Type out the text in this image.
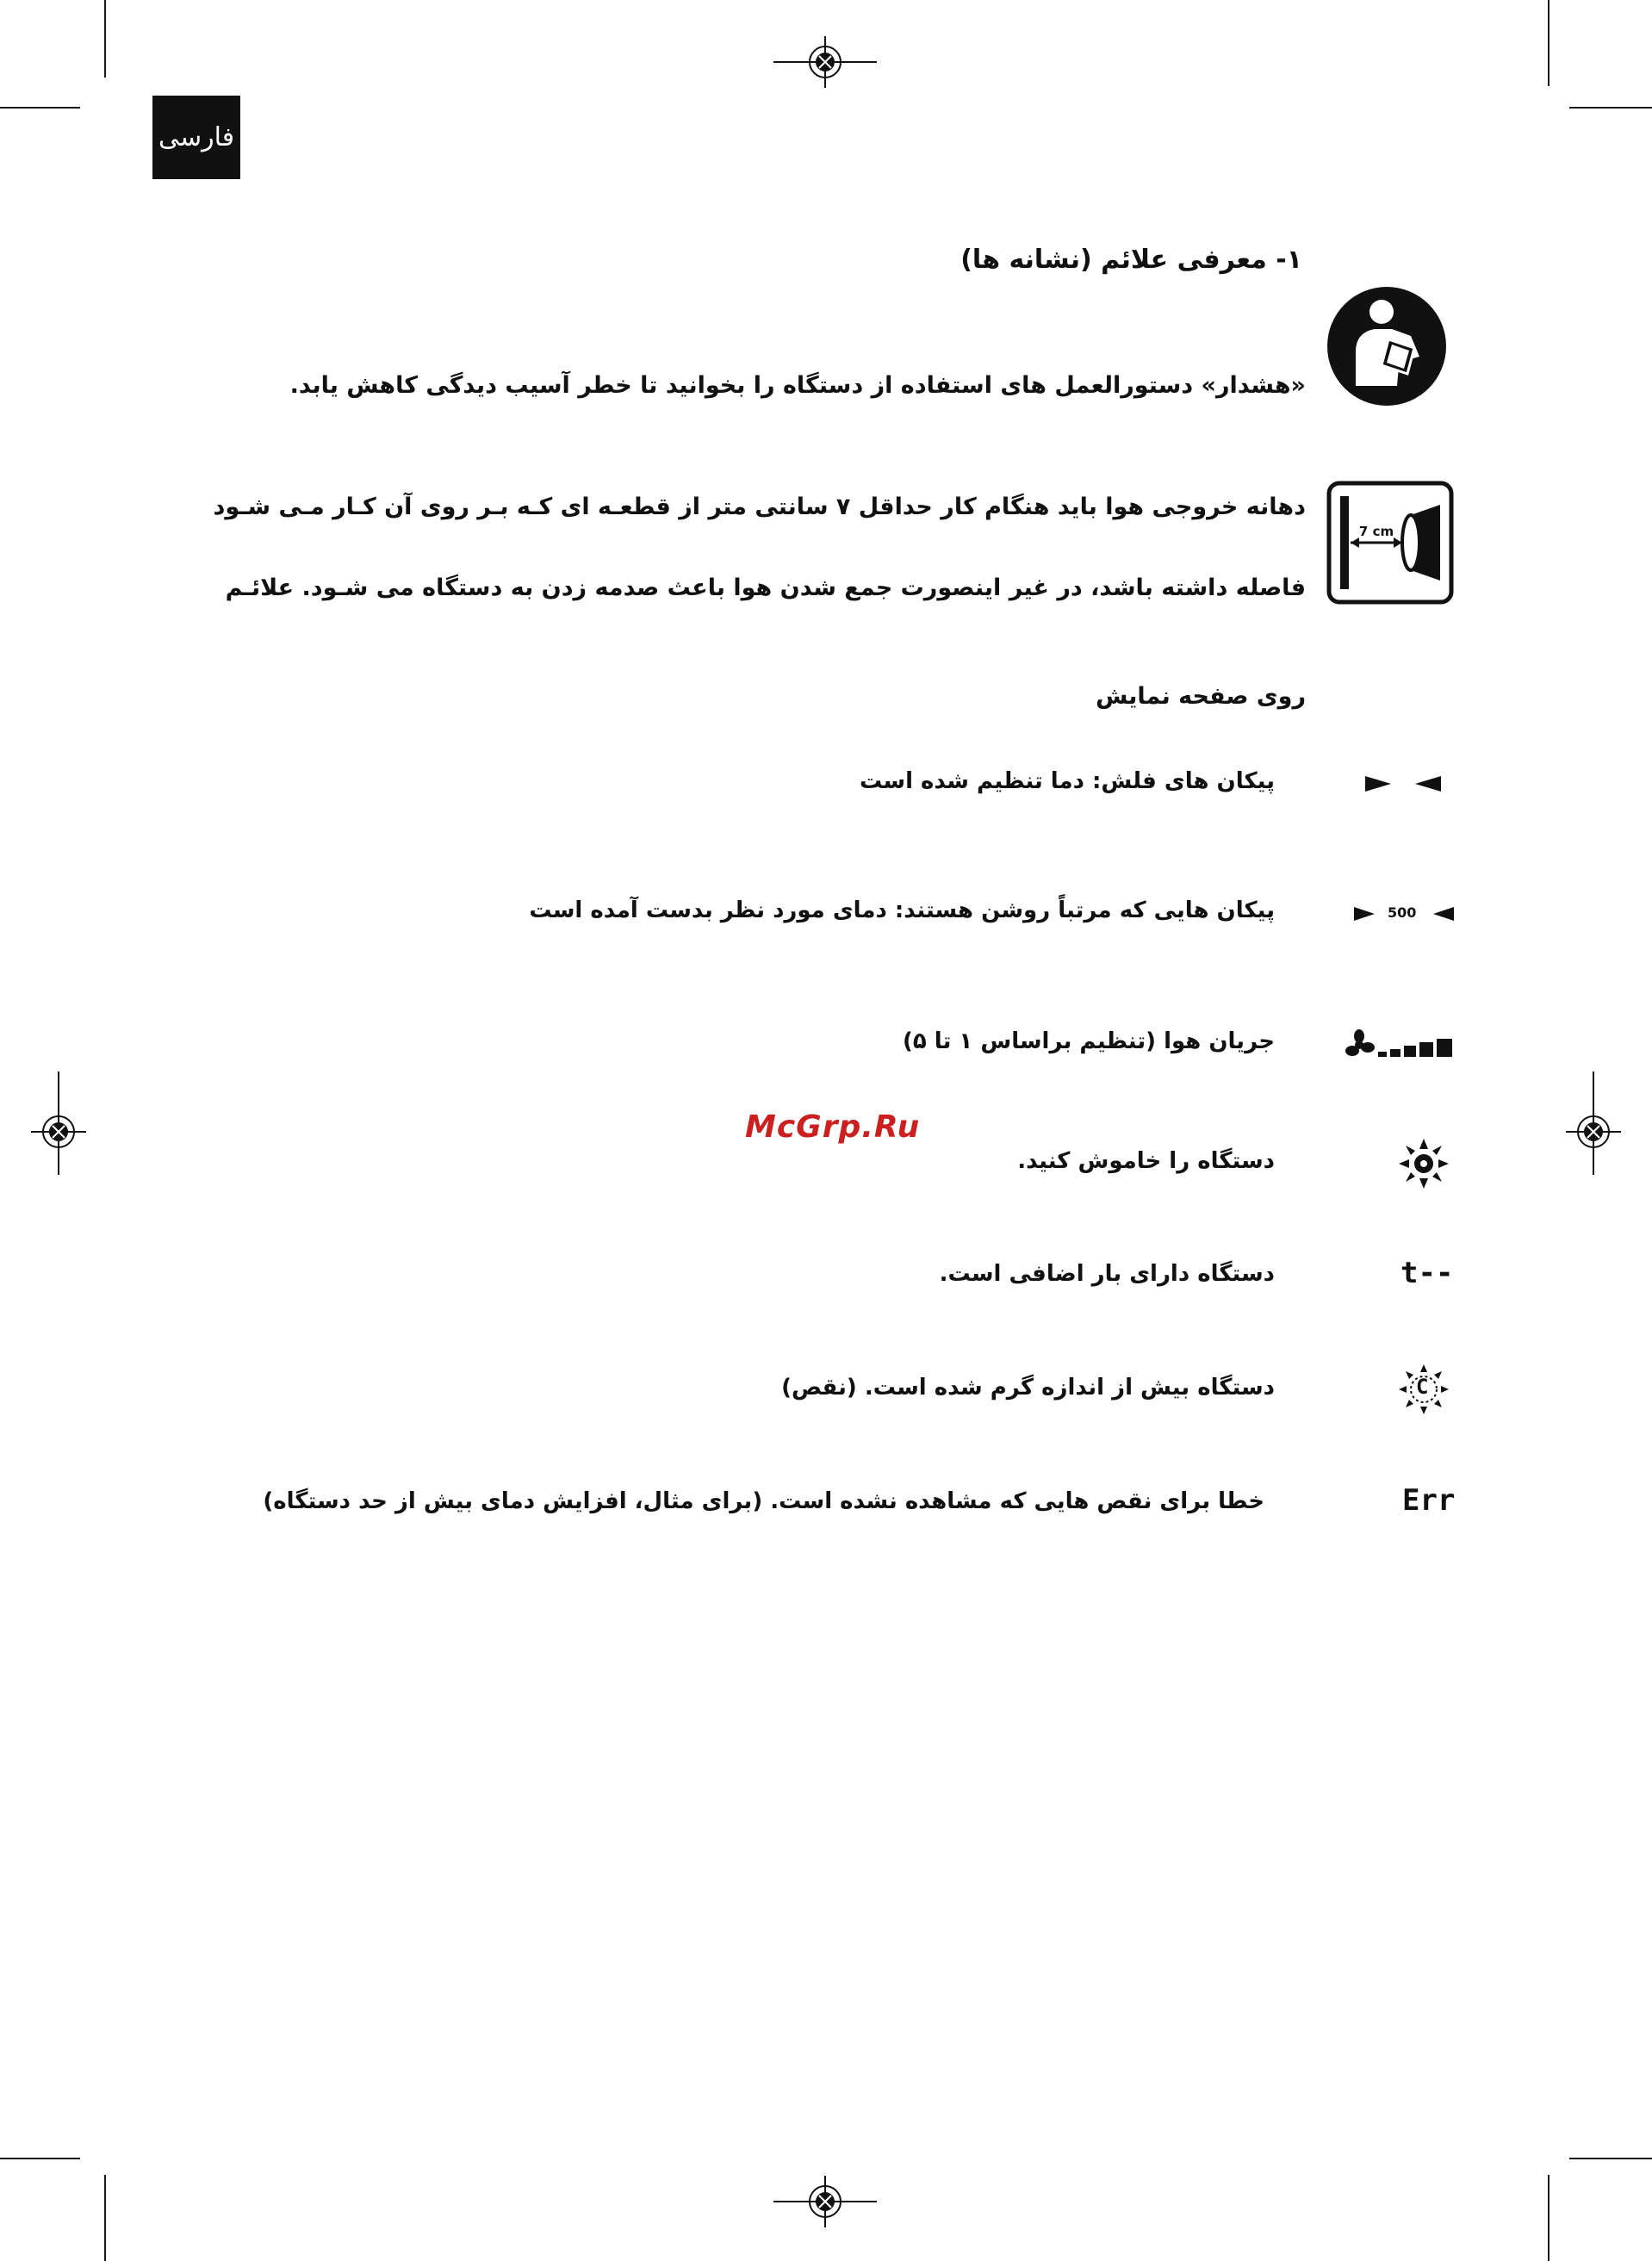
فارسی
۱- معرفی علائم (نشانه ها)
«هشدار» دستورالعمل های استفاده از دستگاه را بخوانید تا خطر آسیب دیدگی کاهش یابد.
7 cm
دهانه خروجی هوا باید هنگام کار حداقل ۷ سانتی متر از قطعـه ای کـه بـر روی آن کـار مـی شـود
فاصله داشته باشد، در غیر اینصورت جمع شدن هوا باعث صدمه زدن به دستگاه می شـود. علائـم
روی صفحه نمایش
پیکان های فلش: دما تنظیم شده است
500
پیکان هایی که مرتباً روشن هستند: دمای مورد نظر بدست آمده است
جریان هوا (تنظیم براساس ۱ تا ۵)
McGrp.Ru
دستگاه را خاموش کنید.
t--
دستگاه دارای بار اضافی است.
C
دستگاه بیش از اندازه گرم شده است. (نقص)
Err
خطا برای نقص هایی که مشاهده نشده است. (برای مثال، افزایش دمای بیش از حد دستگاه)
